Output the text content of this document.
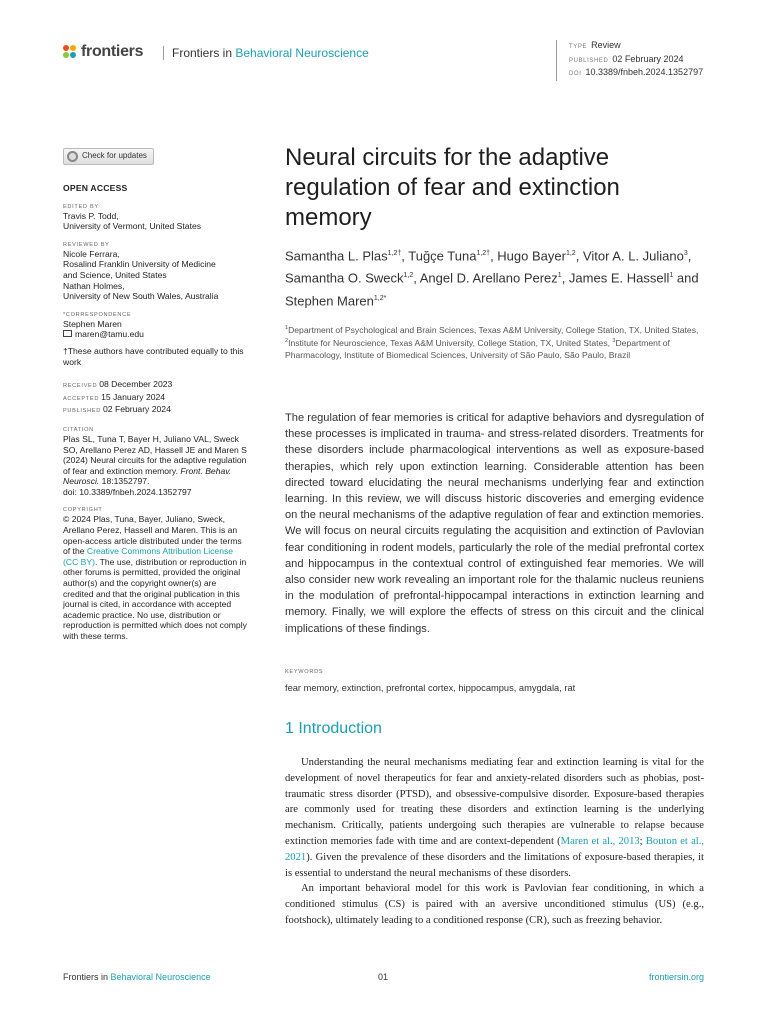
frontiers	Frontiers in Behavioral Neuroscience	TYPE Review
PUBLISHED 02 February 2024
DOI 10.3389/fnbeh.2024.1352797
Check for updates
OPEN ACCESS
EDITED BY
Travis P. Todd,
University of Vermont, United States
REVIEWED BY
Nicole Ferrara,
Rosalind Franklin University of Medicine
and Science, United States
Nathan Holmes,
University of New South Wales, Australia
*CORRESPONDENCE
Stephen Maren
maren@tamu.edu
†These authors have contributed equally to this work
RECEIVED 08 December 2023
ACCEPTED 15 January 2024
PUBLISHED 02 February 2024
CITATION
Plas SL, Tuna T, Bayer H, Juliano VAL, Sweck SO, Arellano Perez AD, Hassell JE and Maren S (2024) Neural circuits for the adaptive regulation of fear and extinction memory. Front. Behav. Neurosci. 18:1352797.
doi: 10.3389/fnbeh.2024.1352797
COPYRIGHT
© 2024 Plas, Tuna, Bayer, Juliano, Sweck, Arellano Perez, Hassell and Maren. This is an open-access article distributed under the terms of the Creative Commons Attribution License (CC BY). The use, distribution or reproduction in other forums is permitted, provided the original author(s) and the copyright owner(s) are credited and that the original publication in this journal is cited, in accordance with accepted academic practice. No use, distribution or reproduction is permitted which does not comply with these terms.
Neural circuits for the adaptive regulation of fear and extinction memory
Samantha L. Plas$^{1,2\dagger}$, Tuğçe Tuna$^{1,2\dagger}$, Hugo Bayer$^{1,2}$, Vitor A. L. Juliano$^3$, Samantha O. Sweck$^{1,2}$, Angel D. Arellano Perez$^1$, James E. Hassell$^1$ and Stephen Maren$^{1,2*}$
$^1$Department of Psychological and Brain Sciences, Texas A&M University, College Station, TX, United States, $^2$Institute for Neuroscience, Texas A&M University, College Station, TX, United States, $^3$Department of Pharmacology, Institute of Biomedical Sciences, University of São Paulo, São Paulo, Brazil
The regulation of fear memories is critical for adaptive behaviors and dysregulation of these processes is implicated in trauma- and stress-related disorders. Treatments for these disorders include pharmacological interventions as well as exposure-based therapies, which rely upon extinction learning. Considerable attention has been directed toward elucidating the neural mechanisms underlying fear and extinction learning. In this review, we will discuss historic discoveries and emerging evidence on the neural mechanisms of the adaptive regulation of fear and extinction memories. We will focus on neural circuits regulating the acquisition and extinction of Pavlovian fear conditioning in rodent models, particularly the role of the medial prefrontal cortex and hippocampus in the contextual control of extinguished fear memories. We will also consider new work revealing an important role for the thalamic nucleus reuniens in the modulation of prefrontal-hippocampal interactions in extinction learning and memory. Finally, we will explore the effects of stress on this circuit and the clinical implications of these findings.
KEYWORDS
fear memory, extinction, prefrontal cortex, hippocampus, amygdala, rat
1 Introduction

Understanding the neural mechanisms mediating fear and extinction learning is vital for the development of novel therapeutics for fear and anxiety-related disorders such as phobias, post-traumatic stress disorder (PTSD), and obsessive-compulsive disorder. Exposure-based therapies are commonly used for treating these disorders and extinction learning is the underlying mechanism. Critically, patients undergoing such therapies are vulnerable to relapse because extinction memories fade with time and are context-dependent (Maren et al., 2013; Bouton et al., 2021). Given the prevalence of these disorders and the limitations of exposure-based therapies, it is essential to understand the neural mechanisms of these disorders.

An important behavioral model for this work is Pavlovian fear conditioning, in which a conditioned stimulus (CS) is paired with an aversive unconditioned stimulus (US) (e.g., footshock), ultimately leading to a conditioned response (CR), such as freezing behavior.

Frontiers in Behavioral Neuroscience	01	frontiersin.org
